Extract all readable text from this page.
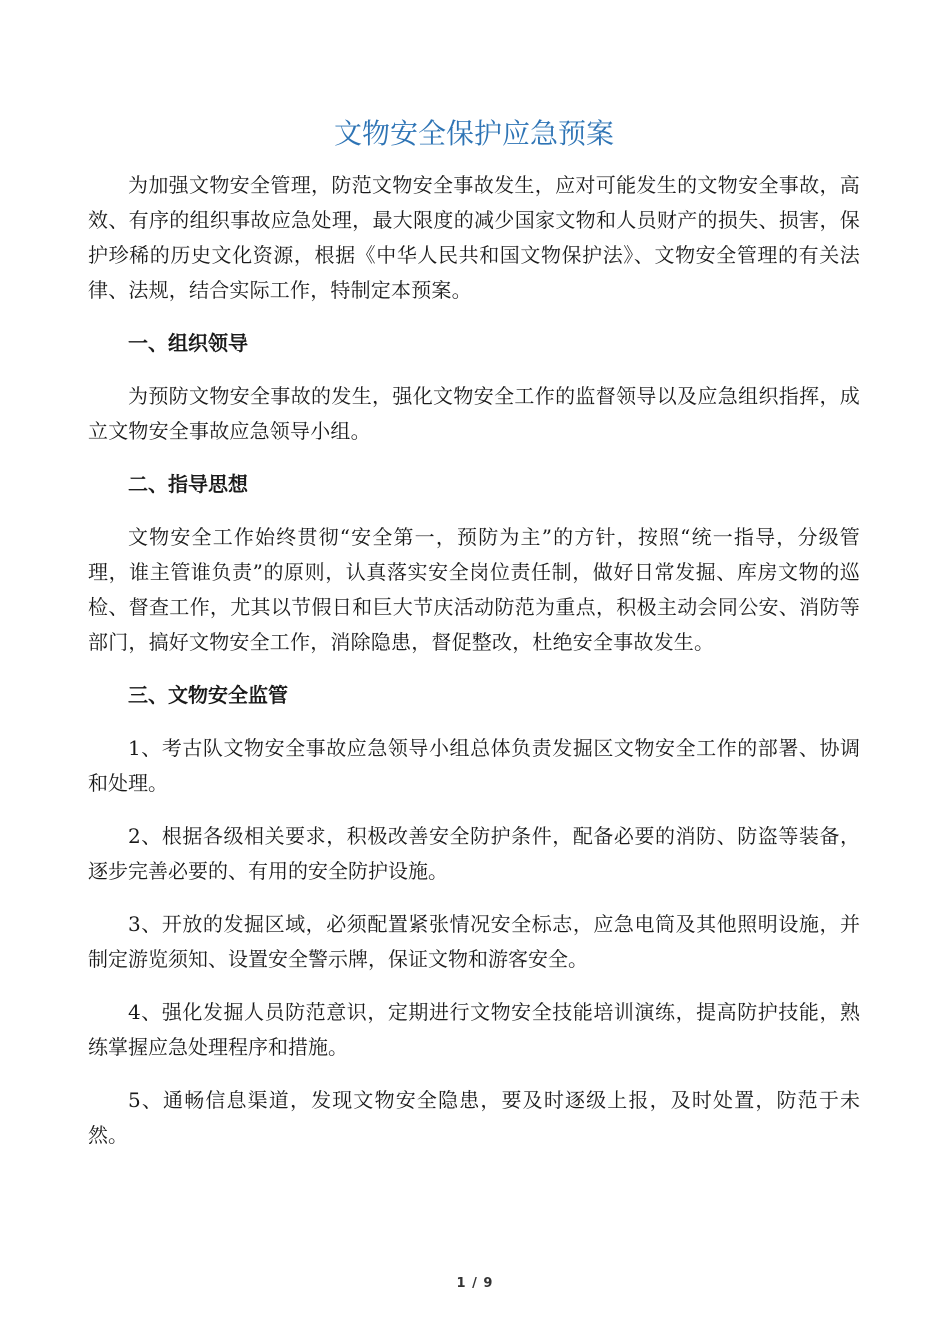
文物安全保护应急预案

为加强文物安全管理，防范文物安全事故发生，应对可能发生的文物安全事故，高效、有序的组织事故应急处理，最大限度的减少国家文物和人员财产的损失、损害，保护珍稀的历史文化资源，根据《中华人民共和国文物保护法》、文物安全管理的有关法律、法规，结合实际工作，特制定本预案。

一、组织领导

为预防文物安全事故的发生，强化文物安全工作的监督领导以及应急组织指挥，成立文物安全事故应急领导小组。

二、指导思想

文物安全工作始终贯彻“安全第一，预防为主”的方针，按照“统一指导，分级管理，谁主管谁负责”的原则，认真落实安全岗位责任制，做好日常发掘、库房文物的巡检、督查工作，尤其以节假日和巨大节庆活动防范为重点，积极主动会同公安、消防等部门，搞好文物安全工作，消除隐患，督促整改，杜绝安全事故发生。

三、文物安全监管

1、考古队文物安全事故应急领导小组总体负责发掘区文物安全工作的部署、协调和处理。

2、根据各级相关要求，积极改善安全防护条件，配备必要的消防、防盗等装备，逐步完善必要的、有用的安全防护设施。

3、开放的发掘区域，必须配置紧张情况安全标志，应急电筒及其他照明设施，并制定游览须知、设置安全警示牌，保证文物和游客安全。

4、强化发掘人员防范意识，定期进行文物安全技能培训演练，提高防护技能，熟练掌握应急处理程序和措施。

5、通畅信息渠道，发现文物安全隐患，要及时逐级上报，及时处置，防范于未然。

1 / 9
